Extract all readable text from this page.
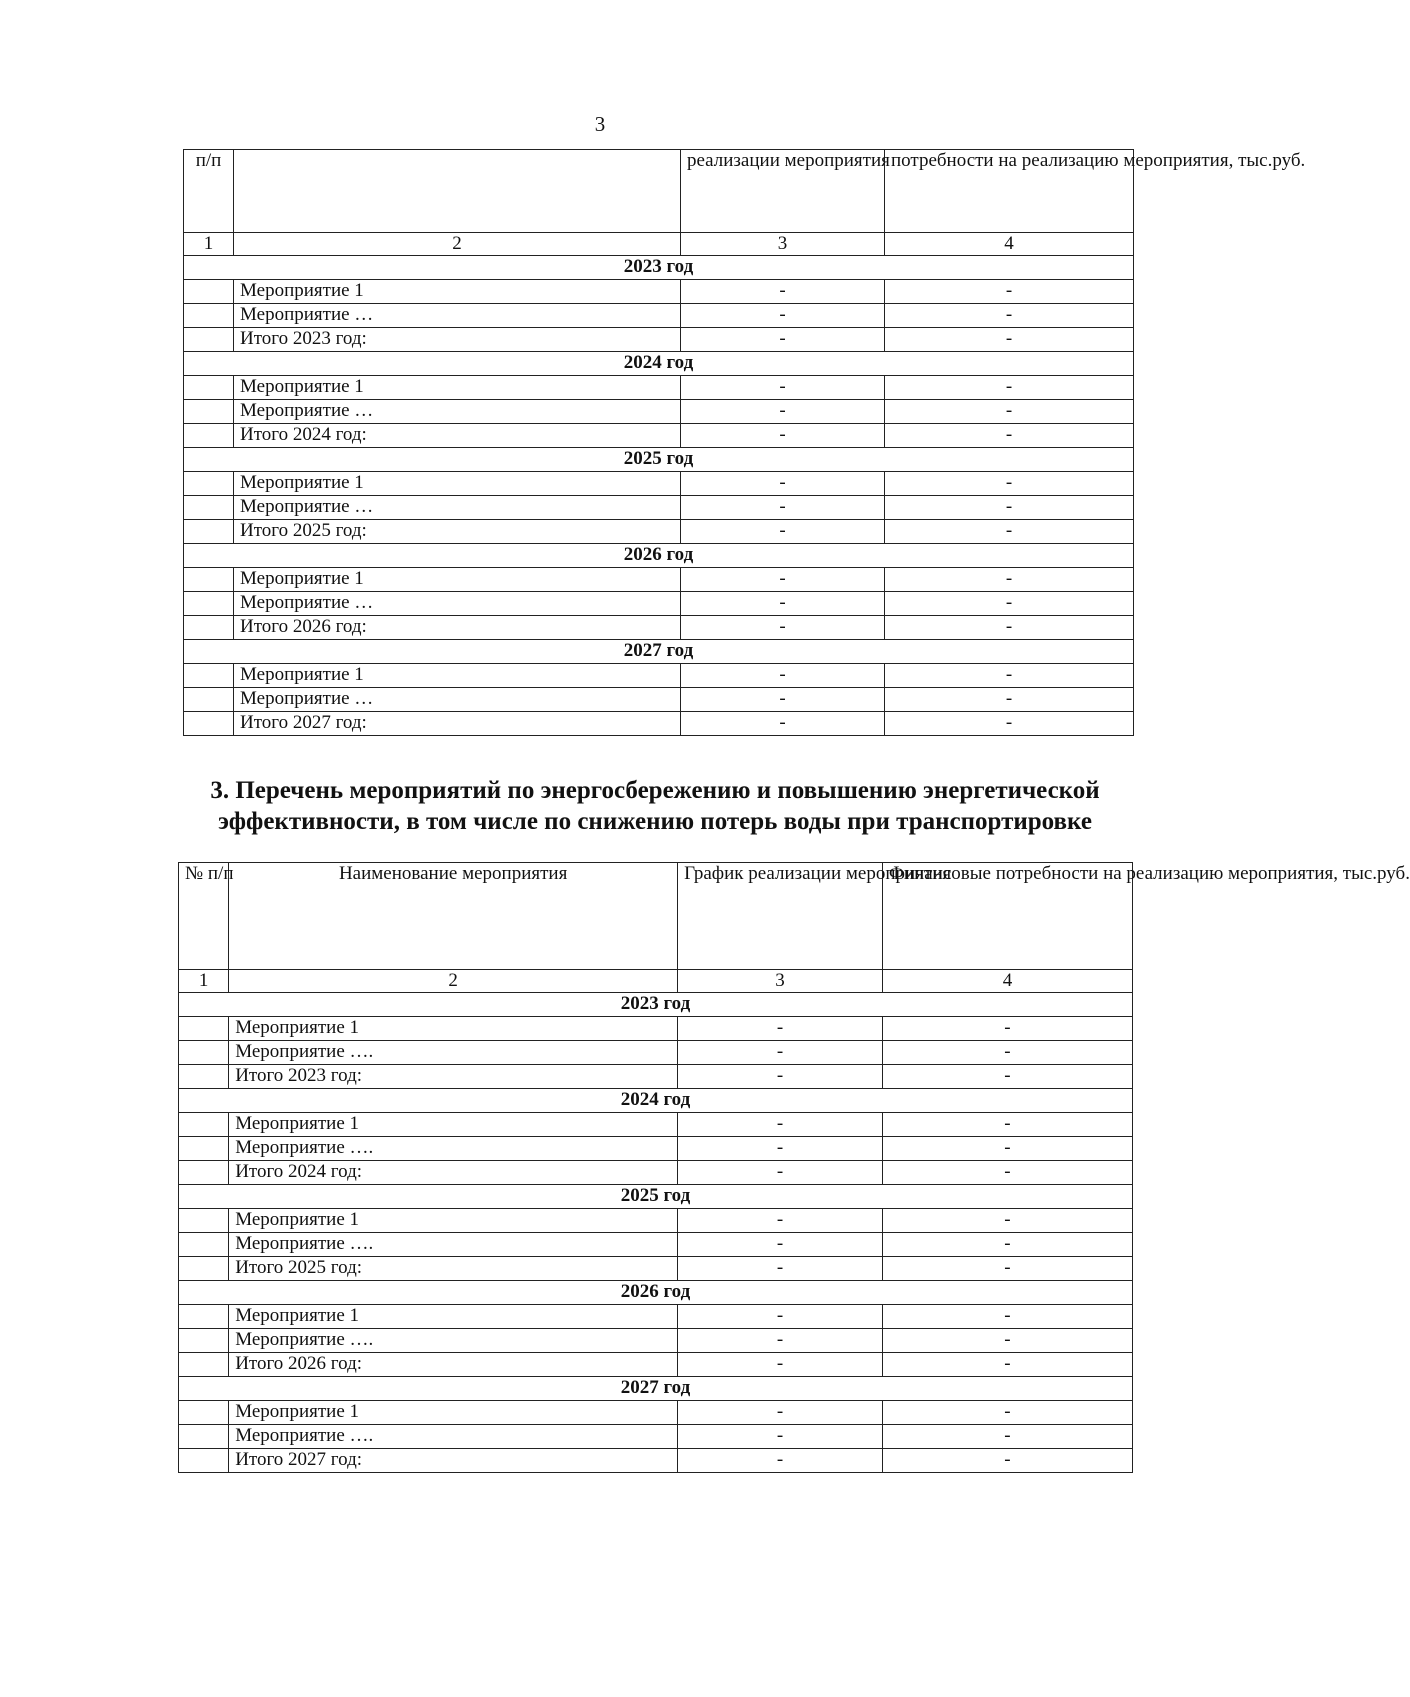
3
п/п		реализации мероприятия	потребности на реализацию мероприятия, тыс.руб.
1	2	3	4
2023 год			
	Мероприятие 1	-	-
	Мероприятие …	-	-
	Итого 2023 год:	-	-
2024 год			
	Мероприятие 1	-	-
	Мероприятие …	-	-
	Итого 2024 год:	-	-
2025 год			
	Мероприятие 1	-	-
	Мероприятие …	-	-
	Итого 2025 год:	-	-
2026 год			
	Мероприятие 1	-	-
	Мероприятие …	-	-
	Итого 2026 год:	-	-
2027 год			
	Мероприятие 1	-	-
	Мероприятие …	-	-
	Итого 2027 год:	-	-
3. Перечень мероприятий по энергосбережению и повышению энергетической эффективности, в том числе по снижению потерь воды при транспортировке
№ п/п	Наименование мероприятия	График реализации мероприятия	Финансовые потребности на реализацию мероприятия, тыс.руб.
1	2	3	4
2023 год			
	Мероприятие 1	-	-
	Мероприятие ….	-	-
	Итого 2023 год:	-	-
2024 год			
	Мероприятие 1	-	-
	Мероприятие ….	-	-
	Итого 2024 год:	-	-
2025 год			
	Мероприятие 1	-	-
	Мероприятие ….	-	-
	Итого 2025 год:	-	-
2026 год			
	Мероприятие 1	-	-
	Мероприятие ….	-	-
	Итого 2026 год:	-	-
2027 год			
	Мероприятие 1	-	-
	Мероприятие ….	-	-
	Итого 2027 год:	-	-
